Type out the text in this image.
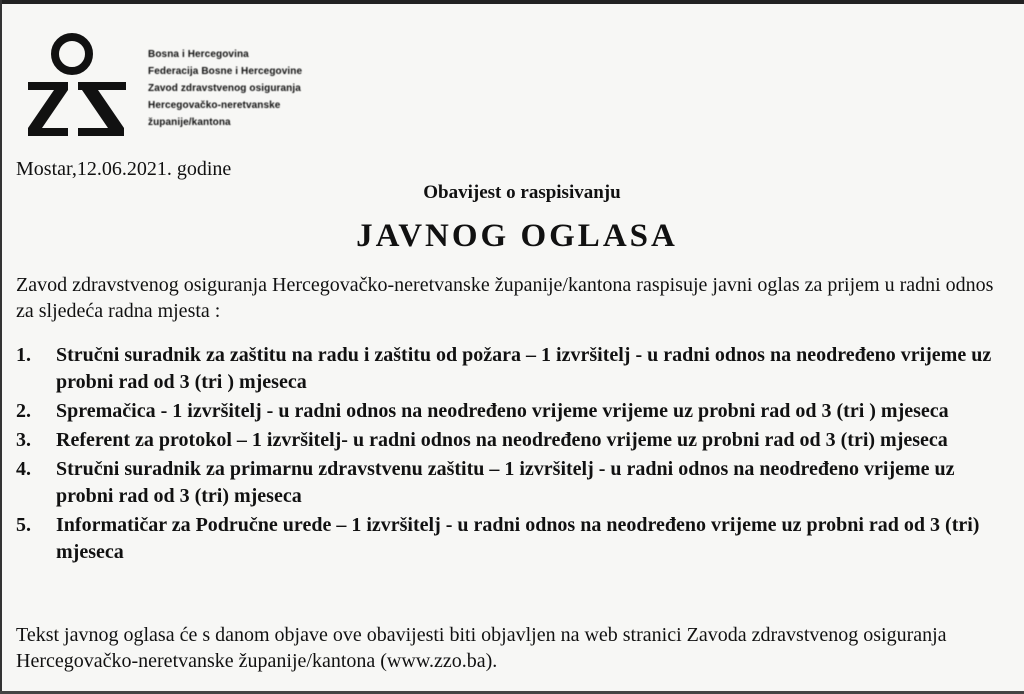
Bosna i Hercegovina
Federacija Bosne i Hercegovine
Zavod zdravstvenog osiguranja
Hercegovačko-neretvanske
županije/kantona
Mostar,12.06.2021. godine
Obavijest o raspisivanju
JAVNOG OGLASA
Zavod zdravstvenog osiguranja Hercegovačko-neretvanske županije/kantona raspisuje javni oglas za prijem u radni odnos za sljedeća radna mjesta :
1.	Stručni suradnik za zaštitu na radu i zaštitu od požara – 1 izvršitelj - u radni odnos na neodređeno vrijeme uz probni rad od 3 (tri ) mjeseca
2.	Spremačica - 1 izvršitelj - u radni odnos na neodređeno vrijeme vrijeme uz probni rad od 3 (tri ) mjeseca
3.	Referent za protokol – 1 izvršitelj- u radni odnos na neodređeno vrijeme uz probni rad od 3 (tri) mjeseca
4.	Stručni suradnik za primarnu zdravstvenu zaštitu – 1 izvršitelj - u radni odnos na neodređeno vrijeme uz probni rad od 3 (tri) mjeseca
5.	Informatičar za Područne urede – 1 izvršitelj - u radni odnos na neodređeno vrijeme uz probni rad od 3 (tri) mjeseca
Tekst javnog oglasa će s danom objave ove obavijesti biti objavljen na web stranici Zavoda zdravstvenog osiguranja Hercegovačko-neretvanske županije/kantona (www.zzo.ba).
